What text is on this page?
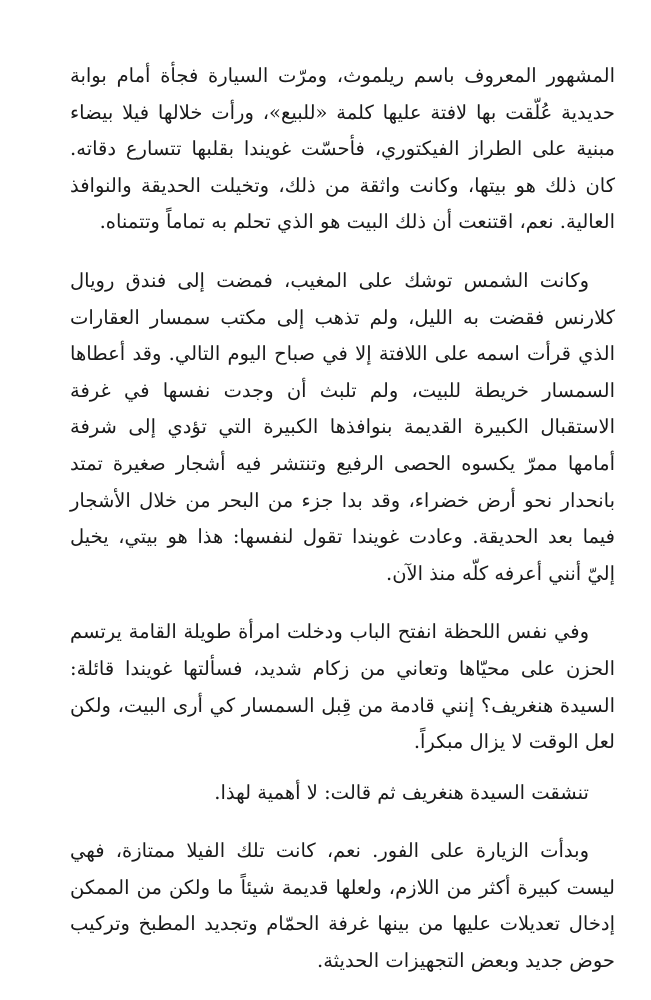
المشهور المعروف باسم ريلموث، ومرّت السيارة فجأة أمام بوابة حديدية عُلّقت بها لافتة عليها كلمة «للبيع»، ورأت خلالها فيلا بيضاء مبنية على الطراز الفيكتوري، فأحسّت غويندا بقلبها تتسارع دقاته. كان ذلك هو بيتها، وكانت واثقة من ذلك، وتخيلت الحديقة والنوافذ العالية. نعم، اقتنعت أن ذلك البيت هو الذي تحلم به تماماً وتتمناه.

وكانت الشمس توشك على المغيب، فمضت إلى فندق رويال كلارنس فقضت به الليل، ولم تذهب إلى مكتب سمسار العقارات الذي قرأت اسمه على اللافتة إلا في صباح اليوم التالي. وقد أعطاها السمسار خريطة للبيت، ولم تلبث أن وجدت نفسها في غرفة الاستقبال الكبيرة القديمة بنوافذها الكبيرة التي تؤدي إلى شرفة أمامها ممرّ يكسوه الحصى الرفيع وتنتشر فيه أشجار صغيرة تمتد بانحدار نحو أرض خضراء، وقد بدا جزء من البحر من خلال الأشجار فيما بعد الحديقة. وعادت غويندا تقول لنفسها: هذا هو بيتي، يخيل إليّ أنني أعرفه كلّه منذ الآن.

وفي نفس اللحظة انفتح الباب ودخلت امرأة طويلة القامة يرتسم الحزن على محيّاها وتعاني من زكام شديد، فسألتها غويندا قائلة: السيدة هنغريف؟ إنني قادمة من قِبل السمسار كي أرى البيت، ولكن لعل الوقت لا يزال مبكراً.

تنشقت السيدة هنغريف ثم قالت: لا أهمية لهذا.

وبدأت الزيارة على الفور. نعم، كانت تلك الفيلا ممتازة، فهي ليست كبيرة أكثر من اللازم، ولعلها قديمة شيئاً ما ولكن من الممكن إدخال تعديلات عليها من بينها غرفة الحمّام وتجديد المطبخ وتركيب حوض جديد وبعض التجهيزات الحديثة.
